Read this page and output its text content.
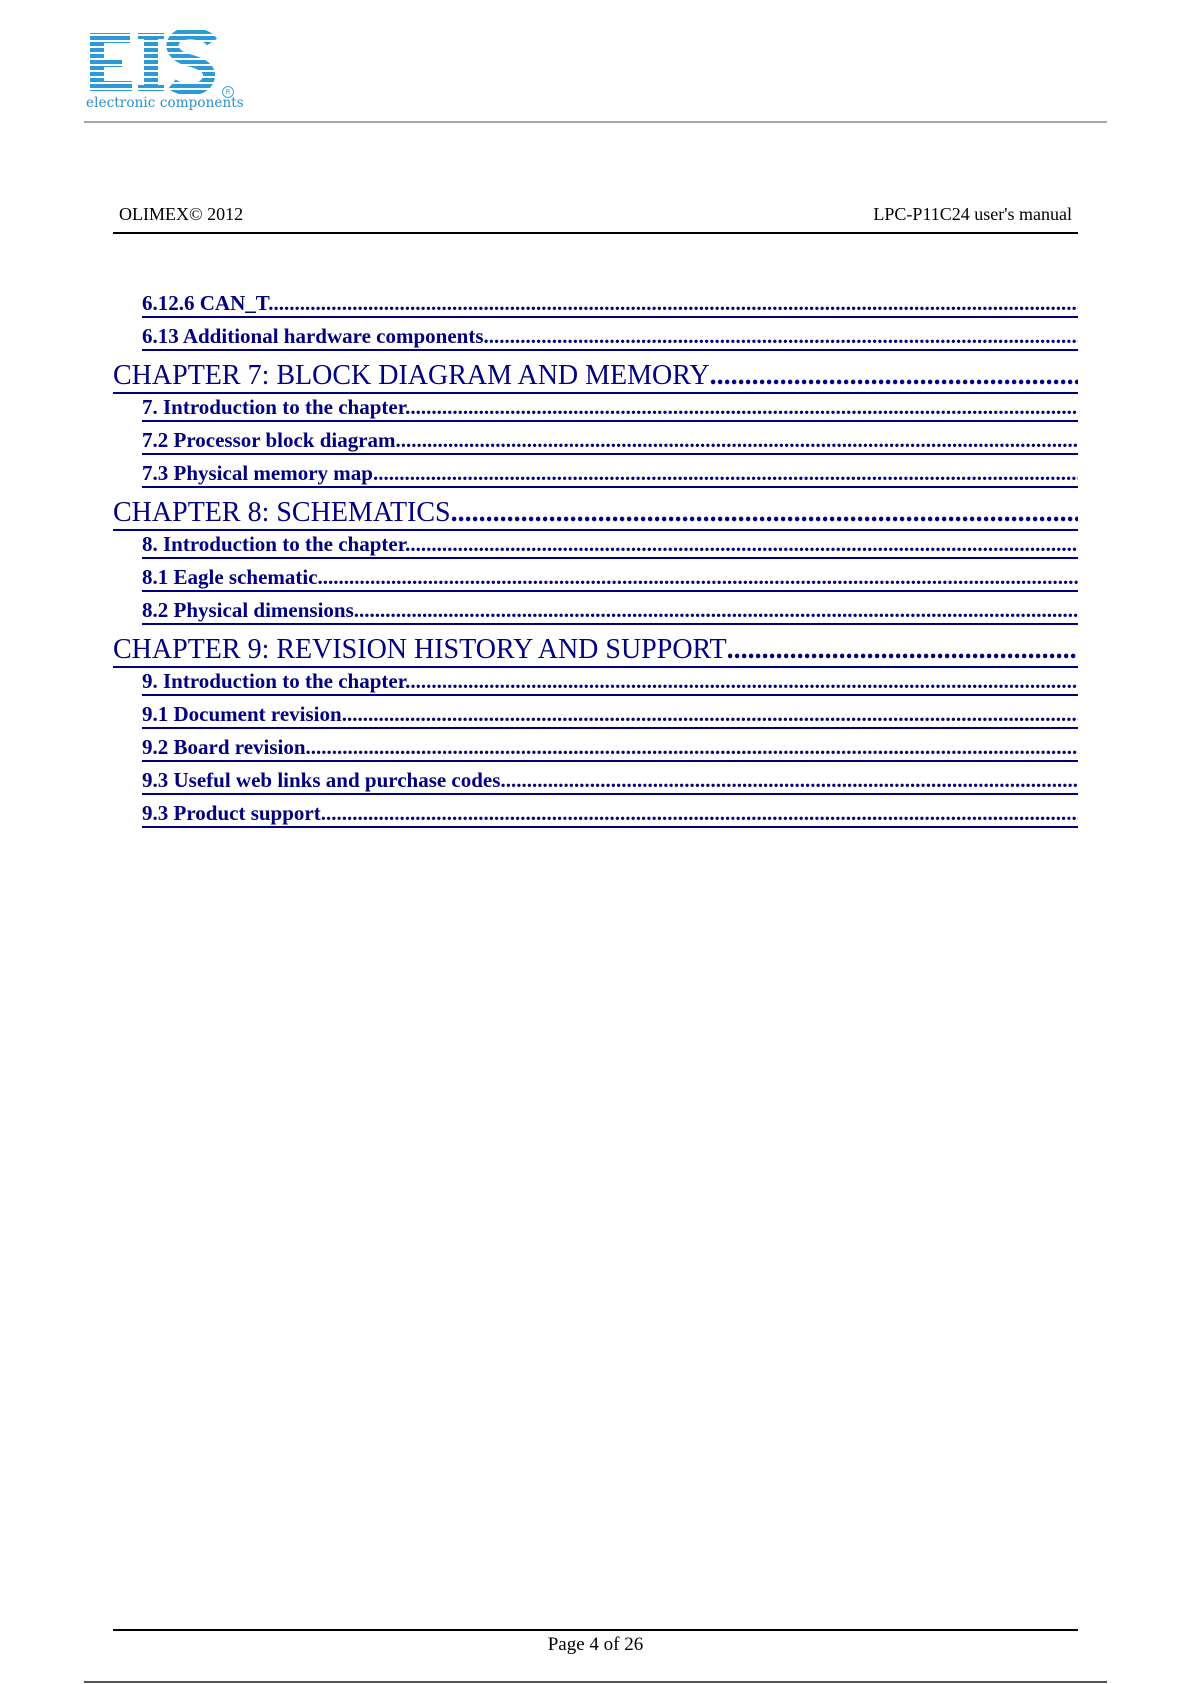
R
electronic components
OLIMEX© 2012	LPC-P11C24 user's manual
6.12.6 CAN_T .....
6.13 Additional hardware components .....
CHAPTER 7: BLOCK DIAGRAM AND MEMORY .....
7. Introduction to the chapter .....
7.2 Processor block diagram .....
7.3 Physical memory map .....
CHAPTER 8: SCHEMATICS .....
8. Introduction to the chapter .....
8.1 Eagle schematic .....
8.2 Physical dimensions .....
CHAPTER 9: REVISION HISTORY AND SUPPORT .....
9. Introduction to the chapter .....
9.1 Document revision .....
9.2 Board revision .....
9.3 Useful web links and purchase codes .....
9.3 Product support .....
Page 4 of 26
